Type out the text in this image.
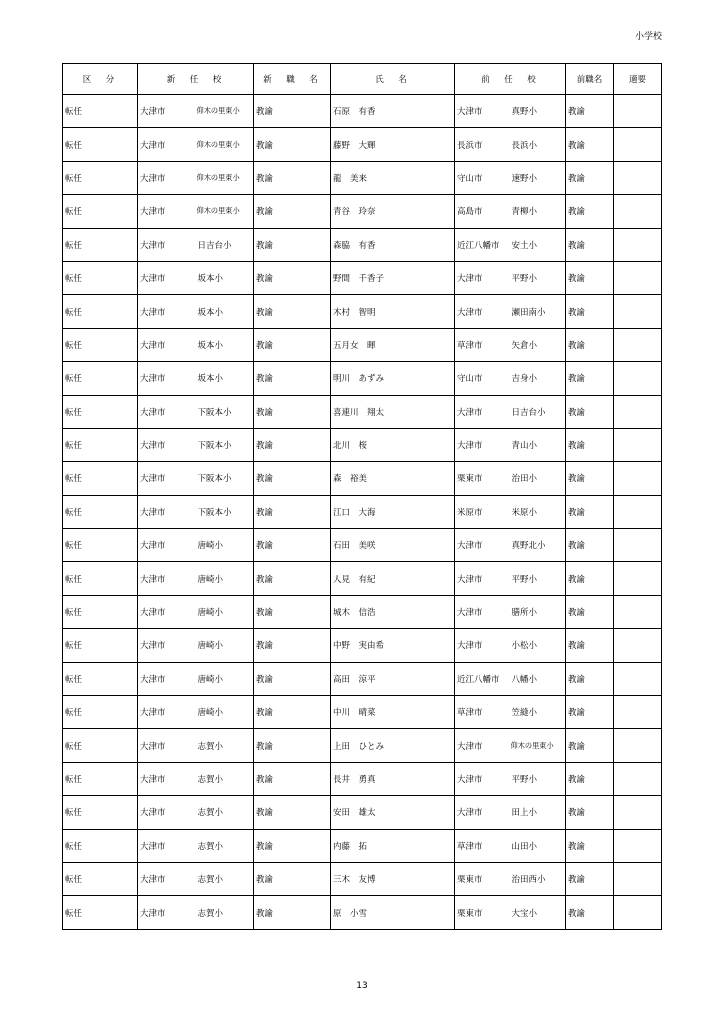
小学校
区　分	新　任　校		新　職　名	氏　名	前　任　校		前職名	適要
転任	大津市	仰木の里東小	教諭	石原　有香	大津市	真野小	教諭	
転任	大津市	仰木の里東小	教諭	藤野　大輝	長浜市	長浜小	教諭	
転任	大津市	仰木の里東小	教諭	龍　美来	守山市	速野小	教諭	
転任	大津市	仰木の里東小	教諭	青谷　玲奈	高島市	青柳小	教諭	
転任	大津市	日吉台小	教諭	森脇　有香	近江八幡市	安土小	教諭	
転任	大津市	坂本小	教諭	野間　千香子	大津市	平野小	教諭	
転任	大津市	坂本小	教諭	木村　智明	大津市	瀬田南小	教諭	
転任	大津市	坂本小	教諭	五月女　暉	草津市	矢倉小	教諭	
転任	大津市	坂本小	教諭	明川　あずみ	守山市	吉身小	教諭	
転任	大津市	下阪本小	教諭	喜連川　翔太	大津市	日吉台小	教諭	
転任	大津市	下阪本小	教諭	北川　桜	大津市	青山小	教諭	
転任	大津市	下阪本小	教諭	森　裕美	栗東市	治田小	教諭	
転任	大津市	下阪本小	教諭	江口　大海	米原市	米原小	教諭	
転任	大津市	唐崎小	教諭	石田　美咲	大津市	真野北小	教諭	
転任	大津市	唐崎小	教諭	人見　有紀	大津市	平野小	教諭	
転任	大津市	唐崎小	教諭	城木　信浩	大津市	膳所小	教諭	
転任	大津市	唐崎小	教諭	中野　実由希	大津市	小松小	教諭	
転任	大津市	唐崎小	教諭	高田　涼平	近江八幡市	八幡小	教諭	
転任	大津市	唐崎小	教諭	中川　晴菜	草津市	笠縫小	教諭	
転任	大津市	志賀小	教諭	上田　ひとみ	大津市	仰木の里東小	教諭	
転任	大津市	志賀小	教諭	長井　勇真	大津市	平野小	教諭	
転任	大津市	志賀小	教諭	安田　雄太	大津市	田上小	教諭	
転任	大津市	志賀小	教諭	内藤　拓	草津市	山田小	教諭	
転任	大津市	志賀小	教諭	三木　友博	栗東市	治田西小	教諭	
転任	大津市	志賀小	教諭	原　小雪	栗東市	大宝小	教諭	
13
